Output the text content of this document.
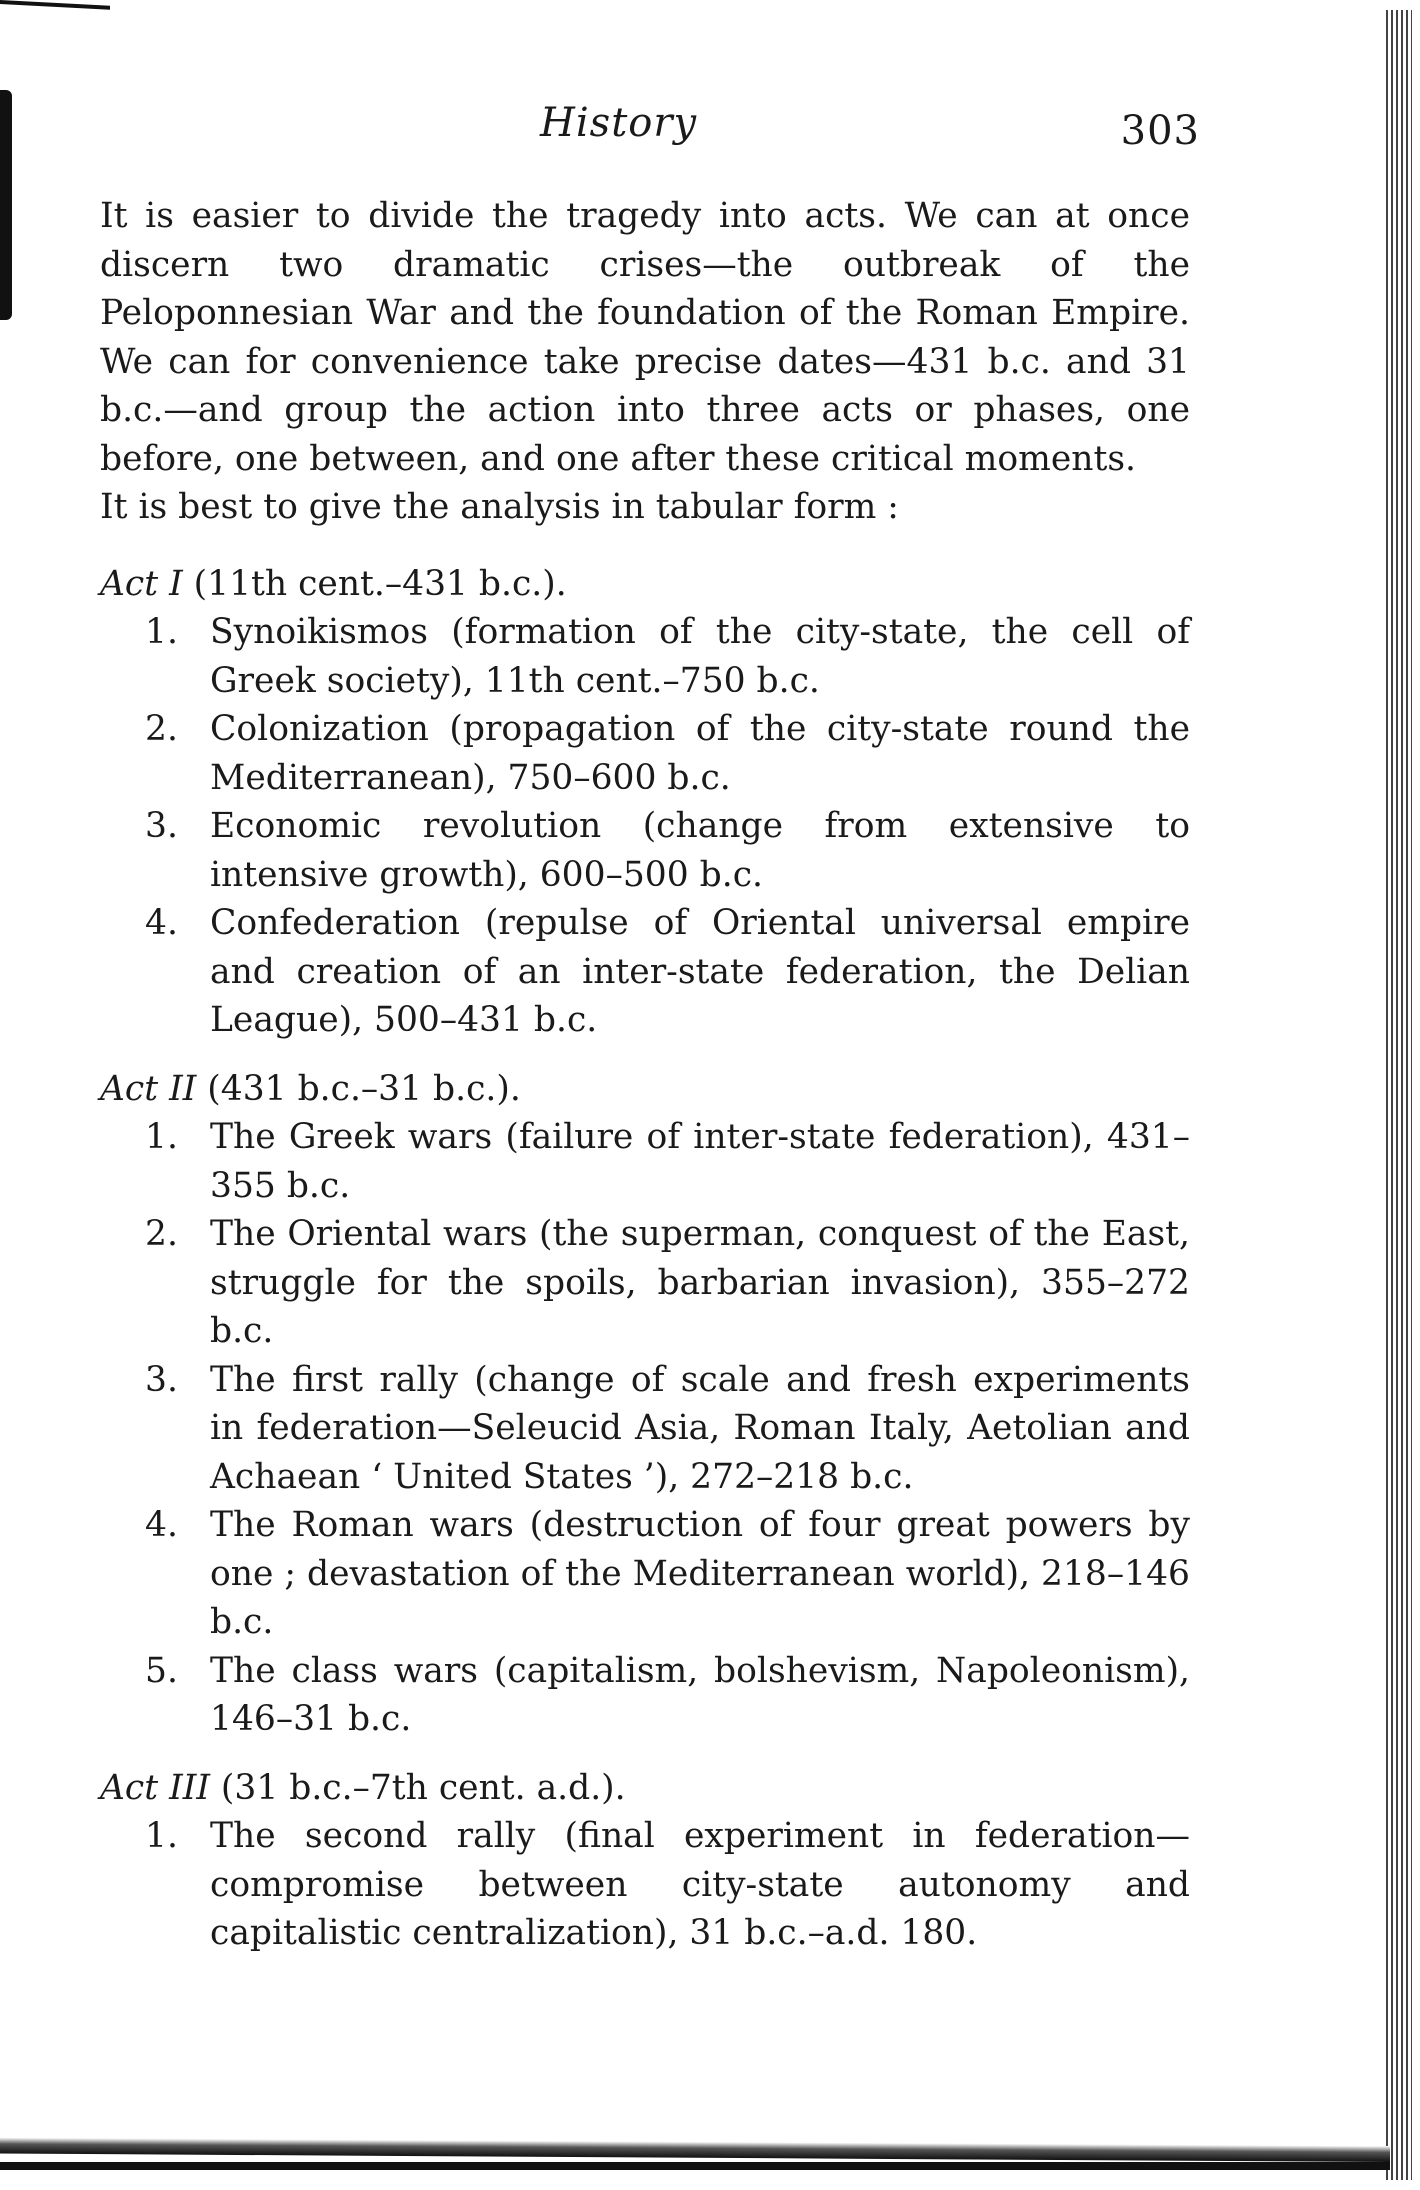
History	303

It is easier to divide the tragedy into acts. We can at once discern two dramatic crises—the outbreak of the Peloponnesian War and the foundation of the Roman Empire. We can for convenience take precise dates—431 b.c. and 31 b.c.—and group the action into three acts or phases, one before, one between, and one after these critical moments.

It is best to give the analysis in tabular form :

Act I (11th cent.–431 b.c.).
1. Synoikismos (formation of the city-state, the cell of Greek society), 11th cent.–750 b.c.
2. Colonization (propagation of the city-state round the Mediterranean), 750–600 b.c.
3. Economic revolution (change from extensive to intensive growth), 600–500 b.c.
4. Confederation (repulse of Oriental universal empire and creation of an inter-state federation, the Delian League), 500–431 b.c.
Act II (431 b.c.–31 b.c.).
1. The Greek wars (failure of inter-state federation), 431–355 b.c.
2. The Oriental wars (the superman, conquest of the East, struggle for the spoils, barbarian invasion), 355–272 b.c.
3. The first rally (change of scale and fresh experiments in federation—Seleucid Asia, Roman Italy, Aetolian and Achaean ‘ United States ’), 272–218 b.c.
4. The Roman wars (destruction of four great powers by one ; devastation of the Mediterranean world), 218–146 b.c.
5. The class wars (capitalism, bolshevism, Napoleonism), 146–31 b.c.
Act III (31 b.c.–7th cent. a.d.).
1. The second rally (final experiment in federation—compromise between city-state autonomy and capitalistic centralization), 31 b.c.–a.d. 180.
